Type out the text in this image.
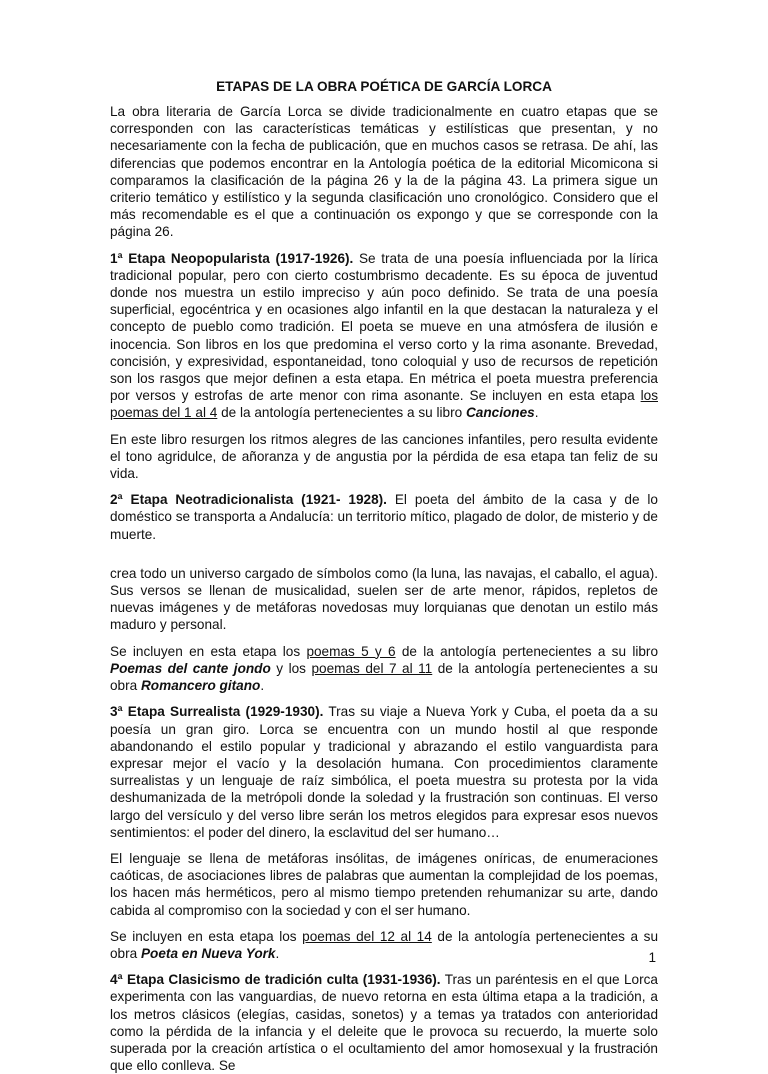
ETAPAS DE LA OBRA POÉTICA DE GARCÍA LORCA

La obra literaria de García Lorca se divide tradicionalmente en cuatro etapas que se corresponden con las características temáticas y estilísticas que presentan, y no necesariamente con la fecha de publicación, que en muchos casos se retrasa. De ahí, las diferencias que podemos encontrar en la Antología poética de la editorial Micomicona si comparamos la clasificación de la página 26 y la de la página 43. La primera sigue un criterio temático y estilístico y la segunda clasificación uno cronológico. Considero que el más recomendable es el que a continuación os expongo y que se corresponde con la página 26.

1ª Etapa Neopopularista (1917-1926). Se trata de una poesía influenciada por la lírica tradicional popular, pero con cierto costumbrismo decadente. Es su época de juventud donde nos muestra un estilo impreciso y aún poco definido. Se trata de una poesía superficial, egocéntrica y en ocasiones algo infantil en la que destacan la naturaleza y el concepto de pueblo como tradición. El poeta se mueve en una atmósfera de ilusión e inocencia. Son libros en los que predomina el verso corto y la rima asonante. Brevedad, concisión, y expresividad, espontaneidad, tono coloquial y uso de recursos de repetición son los rasgos que mejor definen a esta etapa. En métrica el poeta muestra preferencia por versos y estrofas de arte menor con rima asonante. Se incluyen en esta etapa los poemas del 1 al 4 de la antología pertenecientes a su libro Canciones.

En este libro resurgen los ritmos alegres de las canciones infantiles, pero resulta evidente el tono agridulce, de añoranza y de angustia por la pérdida de esa etapa tan feliz de su vida.

2ª Etapa Neotradicionalista (1921- 1928). El poeta del ámbito de la casa y de lo doméstico se transporta a Andalucía: un territorio mítico, plagado de dolor, de misterio y de muerte.

crea todo un universo cargado de símbolos como (la luna, las navajas, el caballo, el agua). Sus versos se llenan de musicalidad, suelen ser de arte menor, rápidos, repletos de nuevas imágenes y de metáforas novedosas muy lorquianas que denotan un estilo más maduro y personal.

Se incluyen en esta etapa los poemas 5 y 6 de la antología pertenecientes a su libro Poemas del cante jondo y los poemas del 7 al 11 de la antología pertenecientes a su obra Romancero gitano.

3ª Etapa Surrealista (1929-1930). Tras su viaje a Nueva York y Cuba, el poeta da a su poesía un gran giro. Lorca se encuentra con un mundo hostil al que responde abandonando el estilo popular y tradicional y abrazando el estilo vanguardista para expresar mejor el vacío y la desolación humana. Con procedimientos claramente surrealistas y un lenguaje de raíz simbólica, el poeta muestra su protesta por la vida deshumanizada de la metrópoli donde la soledad y la frustración son continuas. El verso largo del versículo y del verso libre serán los metros elegidos para expresar esos nuevos sentimientos: el poder del dinero, la esclavitud del ser humano…

El lenguaje se llena de metáforas insólitas, de imágenes oníricas, de enumeraciones caóticas, de asociaciones libres de palabras que aumentan la complejidad de los poemas, los hacen más herméticos, pero al mismo tiempo pretenden rehumanizar su arte, dando cabida al compromiso con la sociedad y con el ser humano.

Se incluyen en esta etapa los poemas del 12 al 14 de la antología pertenecientes a su obra Poeta en Nueva York.

4ª Etapa Clasicismo de tradición culta (1931-1936). Tras un paréntesis en el que Lorca experimenta con las vanguardias, de nuevo retorna en esta última etapa a la tradición, a los metros clásicos (elegías, casidas, sonetos) y a temas ya tratados con anterioridad como la pérdida de la infancia y el deleite que le provoca su recuerdo, la muerte solo superada por la creación artística o el ocultamiento del amor homosexual y la frustración que ello conlleva. Se

1
